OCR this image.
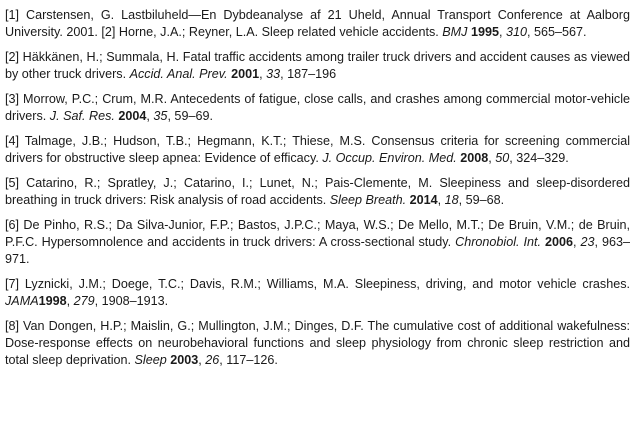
[1] Carstensen, G. Lastbiluheld—En Dybdeanalyse af 21 Uheld, Annual Transport Conference at Aalborg University. 2001. [2] Horne, J.A.; Reyner, L.A. Sleep related vehicle accidents. BMJ 1995, 310, 565–567.

[2] Häkkänen, H.; Summala, H. Fatal traffic accidents among trailer truck drivers and accident causes as viewed by other truck drivers. Accid. Anal. Prev. 2001, 33, 187–196

[3] Morrow, P.C.; Crum, M.R. Antecedents of fatigue, close calls, and crashes among commercial motor-vehicle drivers. J. Saf. Res. 2004, 35, 59–69.

[4] Talmage, J.B.; Hudson, T.B.; Hegmann, K.T.; Thiese, M.S. Consensus criteria for screening commercial drivers for obstructive sleep apnea: Evidence of efficacy. J. Occup. Environ. Med. 2008, 50, 324–329.

[5] Catarino, R.; Spratley, J.; Catarino, I.; Lunet, N.; Pais-Clemente, M. Sleepiness and sleep-disordered breathing in truck drivers: Risk analysis of road accidents. Sleep Breath. 2014, 18, 59–68.

[6] De Pinho, R.S.; Da Silva-Junior, F.P.; Bastos, J.P.C.; Maya, W.S.; De Mello, M.T.; De Bruin, V.M.; de Bruin, P.F.C. Hypersomnolence and accidents in truck drivers: A cross-sectional study. Chronobiol. Int. 2006, 23, 963–971.

[7] Lyznicki, J.M.; Doege, T.C.; Davis, R.M.; Williams, M.A. Sleepiness, driving, and motor vehicle crashes. JAMA1998, 279, 1908–1913.

[8] Van Dongen, H.P.; Maislin, G.; Mullington, J.M.; Dinges, D.F. The cumulative cost of additional wakefulness: Dose-response effects on neurobehavioral functions and sleep physiology from chronic sleep restriction and total sleep deprivation. Sleep 2003, 26, 117–126.
